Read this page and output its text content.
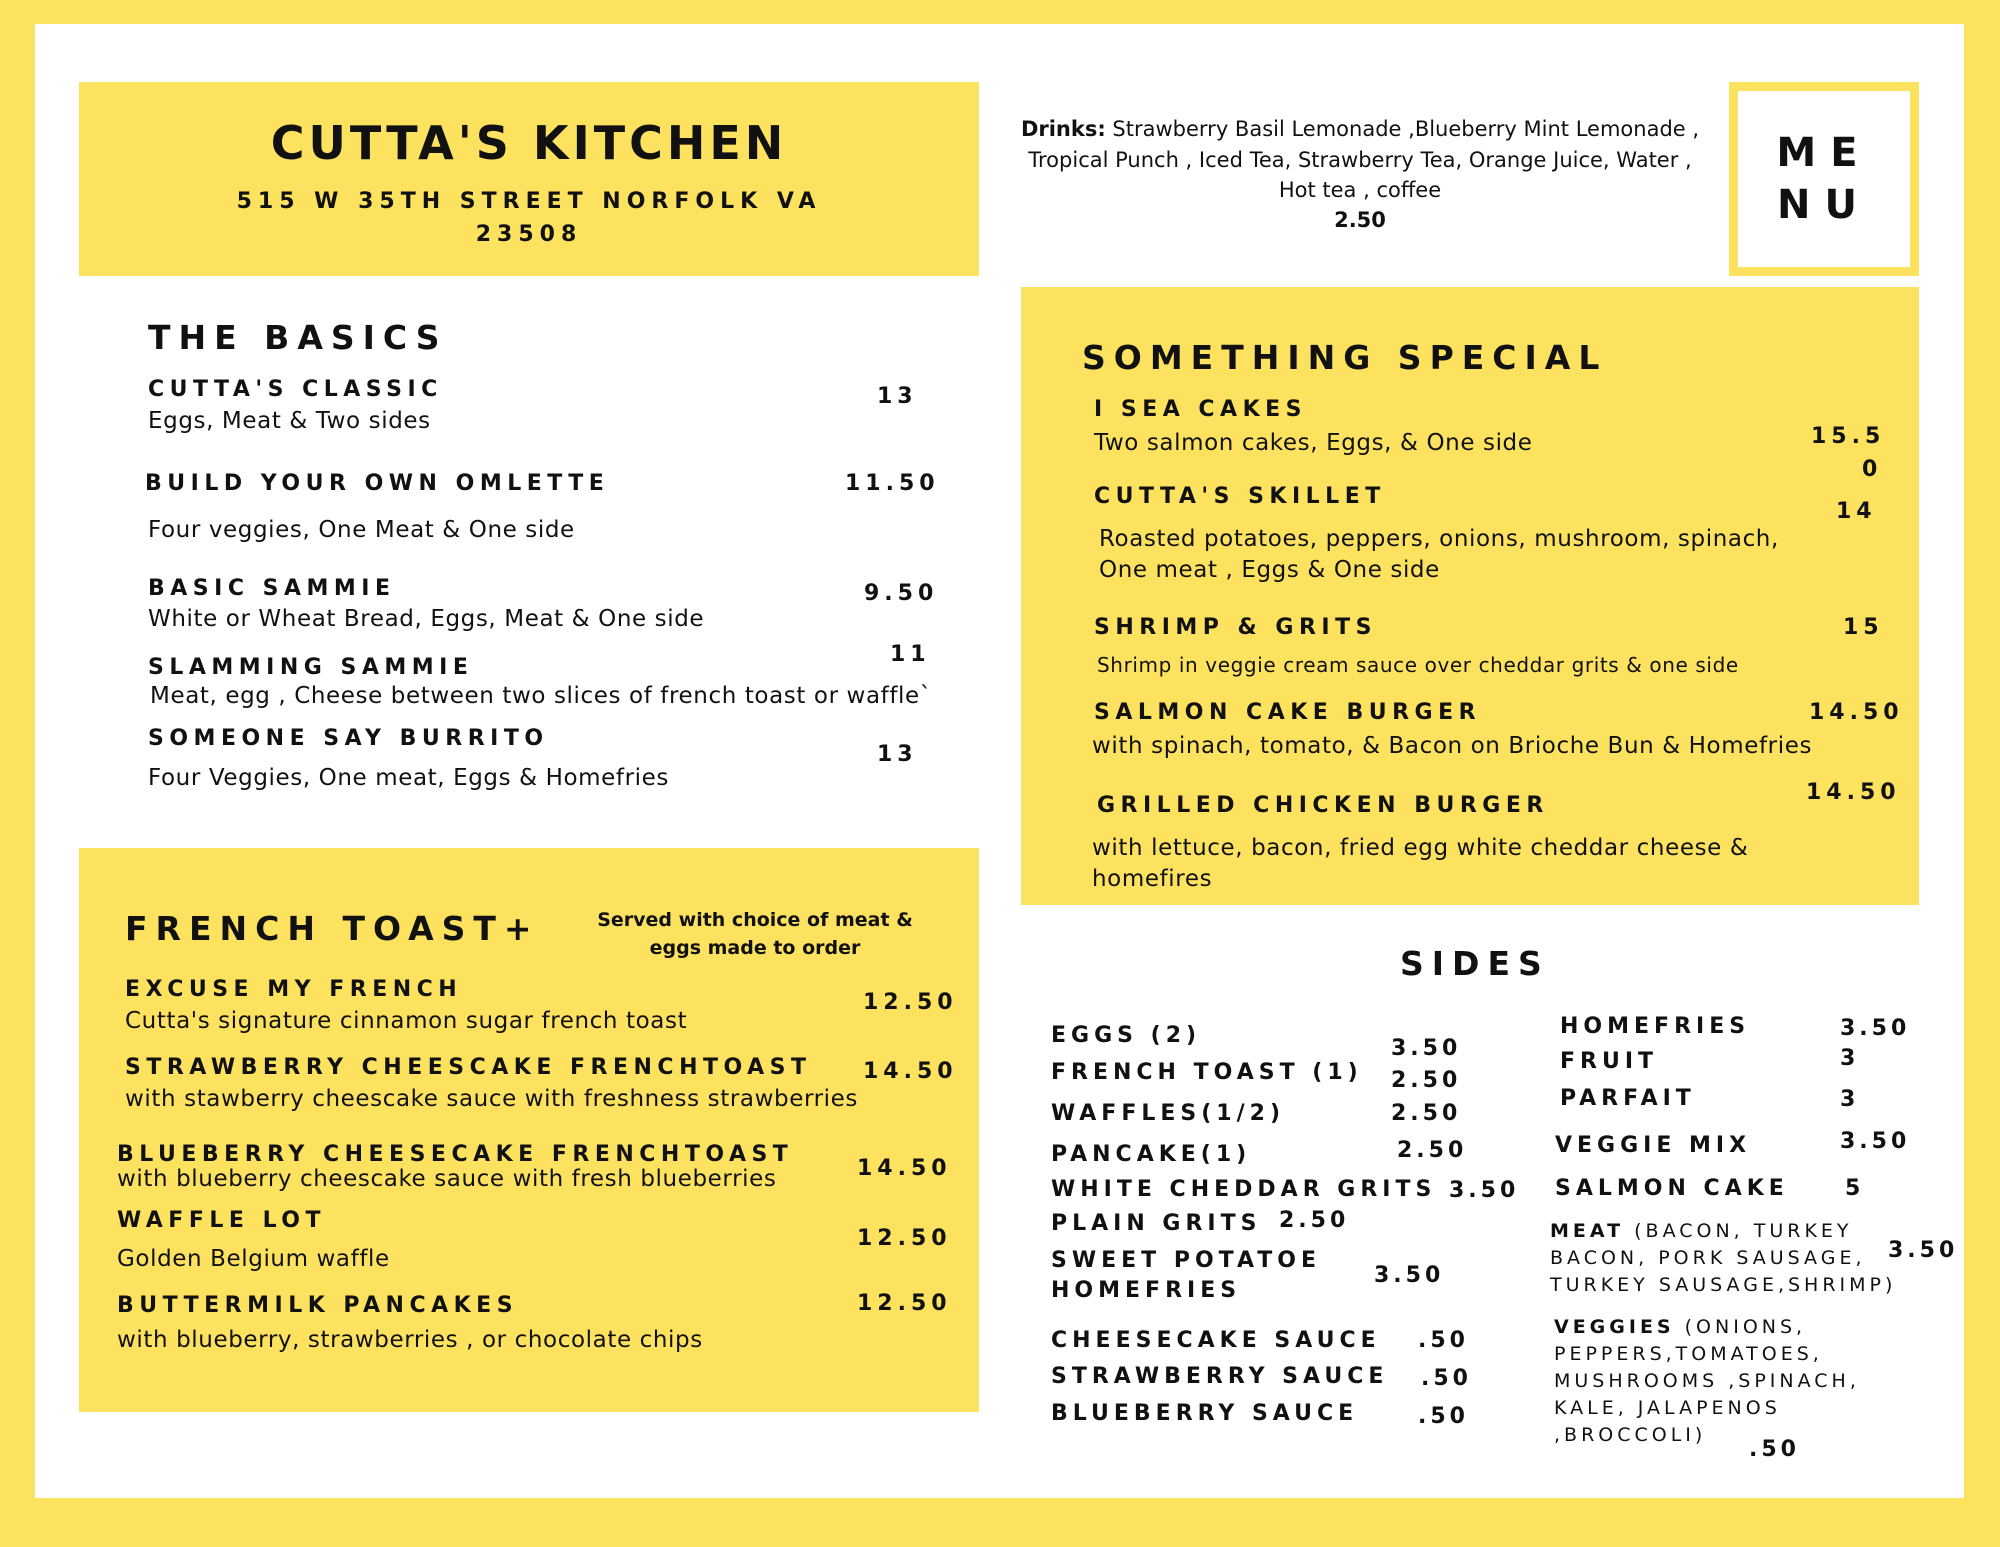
CUTTA'S KITCHEN
515 W 35TH STREET NORFOLK VA
23508
Drinks: Strawberry Basil Lemonade ,Blueberry Mint Lemonade ,
Tropical Punch , Iced Tea, Strawberry Tea, Orange Juice, Water ,
Hot tea , coffee
2.50
ME
NU
THE BASICS
CUTTA'S CLASSIC
Eggs, Meat & Two sides
13
BUILD YOUR OWN OMLETTE
Four veggies, One Meat & One side
11.50
BASIC SAMMIE
White or Wheat Bread, Eggs, Meat & One side
9.50
SLAMMING SAMMIE
Meat, egg , Cheese between two slices of french toast or waffle`
11
SOMEONE SAY BURRITO
Four Veggies, One meat, Eggs & Homefries
13
SOMETHING SPECIAL
I SEA CAKES
Two salmon cakes, Eggs, & One side	15.5
0
CUTTA'S SKILLET
Roasted potatoes, peppers, onions, mushroom, spinach,
One meat , Eggs & One side
14
SHRIMP & GRITS
Shrimp in veggie cream sauce over cheddar grits & one side
15
SALMON CAKE BURGER
with spinach, tomato, & Bacon on Brioche Bun & Homefries
14.50
GRILLED CHICKEN BURGER
with lettuce, bacon, fried egg white cheddar cheese &
homefires
14.50
FRENCH TOAST+	Served with choice of meat &
eggs made to order
EXCUSE MY FRENCH
Cutta's signature cinnamon sugar french toast
12.50
STRAWBERRY CHEESCAKE FRENCHTOAST
with stawberry cheescake sauce with freshness strawberries
14.50
BLUEBERRY CHEESECAKE FRENCHTOAST
with blueberry cheescake sauce with fresh blueberries	14.50
WAFFLE LOT
Golden Belgium waffle
12.50
BUTTERMILK PANCAKES
with blueberry, strawberries , or chocolate chips
12.50
SIDES
EGGS (2)
3.50
FRENCH TOAST (1) 2.50
WAFFLES(1/2)	2.50
PANCAKE(1)	2.50
WHITE CHEDDAR GRITS 3.50
PLAIN GRITS 2.50
SWEET POTATOE
HOMEFRIES
3.50
CHEESECAKE SAUCE .50
STRAWBERRY SAUCE .50
BLUEBERRY SAUCE	.50
HOMEFRIES	3.50
FRUIT	3
PARFAIT	3
VEGGIE MIX	3.50
SALMON CAKE	5
MEAT (BACON, TURKEY
BACON, PORK SAUSAGE,
TURKEY SAUSAGE,SHRIMP)
3.50
VEGGIES (ONIONS,
PEPPERS,TOMATOES,
MUSHROOMS ,SPINACH,
KALE, JALAPENOS
,BROCCOLI)
.50
